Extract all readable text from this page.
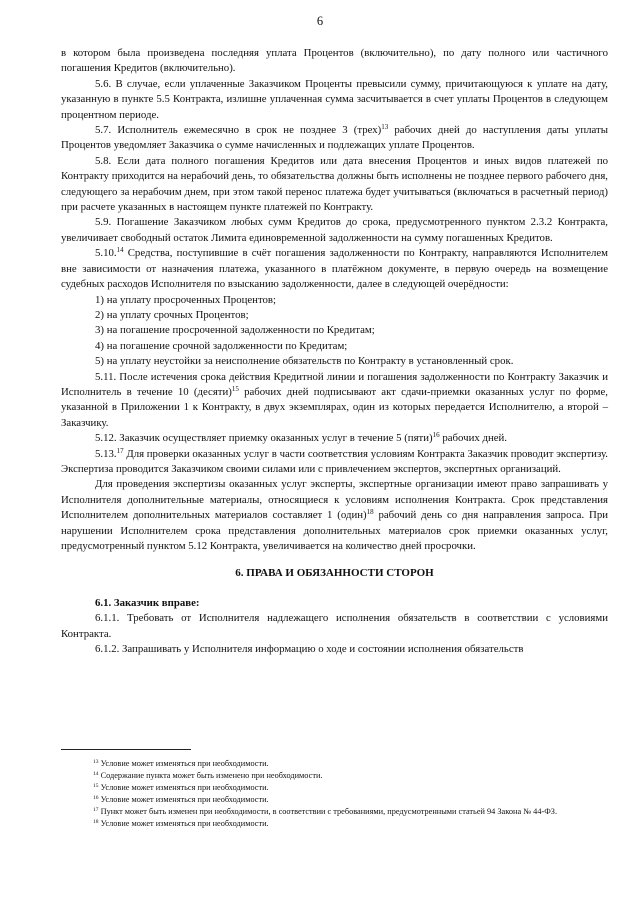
6

в котором была произведена последняя уплата Процентов (включительно), по дату полного или частичного погашения Кредитов (включительно).

5.6. В случае, если уплаченные Заказчиком Проценты превысили сумму, причитающуюся к уплате на дату, указанную в пункте 5.5 Контракта, излишне уплаченная сумма засчитывается в счет уплаты Процентов в следующем процентном периоде.

5.7. Исполнитель ежемесячно в срок не позднее 3 (трех)$^{13}$ рабочих дней до наступления даты уплаты Процентов уведомляет Заказчика о сумме начисленных и подлежащих уплате Процентов.

5.8. Если дата полного погашения Кредитов или дата внесения Процентов и иных видов платежей по Контракту приходится на нерабочий день, то обязательства должны быть исполнены не позднее первого рабочего дня, следующего за нерабочим днем, при этом такой перенос платежа будет учитываться (включаться в расчетный период) при расчете указанных в настоящем пункте платежей по Контракту.

5.9. Погашение Заказчиком любых сумм Кредитов до срока, предусмотренного пунктом 2.3.2 Контракта, увеличивает свободный остаток Лимита единовременной задолженности на сумму погашенных Кредитов.

5.10.14 Средства, поступившие в счёт погашения задолженности по Контракту, направляются Исполнителем вне зависимости от назначения платежа, указанного в платёжном документе, в первую очередь на возмещение судебных расходов Исполнителя по взысканию задолженности, далее в следующей очерёдности:

1) на уплату просроченных Процентов;

2) на уплату срочных Процентов;

3) на погашение просроченной задолженности по Кредитам;

4) на погашение срочной задолженности по Кредитам;

5) на уплату неустойки за неисполнение обязательств по Контракту в установленный срок.

5.11. После истечения срока действия Кредитной линии и погашения задолженности по Контракту Заказчик и Исполнитель в течение 10 (десяти)$^{15}$ рабочих дней подписывают акт сдачи-приемки оказанных услуг по форме, указанной в Приложении 1 к Контракту, в двух экземплярах, один из которых передается Исполнителю, а второй – Заказчику.

5.12. Заказчик осуществляет приемку оказанных услуг в течение 5 (пяти)$^{16}$ рабочих дней.

5.13.17 Для проверки оказанных услуг в части соответствия условиям Контракта Заказчик проводит экспертизу. Экспертиза проводится Заказчиком своими силами или с привлечением экспертов, экспертных организаций.

Для проведения экспертизы оказанных услуг эксперты, экспертные организации имеют право запрашивать у Исполнителя дополнительные материалы, относящиеся к условиям исполнения Контракта. Срок представления Исполнителем дополнительных материалов составляет 1 (один)$^{18}$ рабочий день со дня направления запроса. При нарушении Исполнителем срока представления дополнительных материалов срок приемки оказанных услуг, предусмотренный пунктом 5.12 Контракта, увеличивается на количество дней просрочки.

6. ПРАВА И ОБЯЗАННОСТИ СТОРОН

6.1. Заказчик вправе:

6.1.1. Требовать от Исполнителя надлежащего исполнения обязательств в соответствии с условиями Контракта.

6.1.2. Запрашивать у Исполнителя информацию о ходе и состоянии исполнения обязательств

$^{13}$ Условие может изменяться при необходимости.

$^{14}$ Содержание пункта может быть изменено при необходимости.

$^{15}$ Условие может изменяться при необходимости.

$^{16}$ Условие может изменяться при необходимости.

$^{17}$ Пункт может быть изменен при необходимости, в соответствии с требованиями, предусмотренными статьей 94 Закона № 44-ФЗ.

$^{18}$ Условие может изменяться при необходимости.
